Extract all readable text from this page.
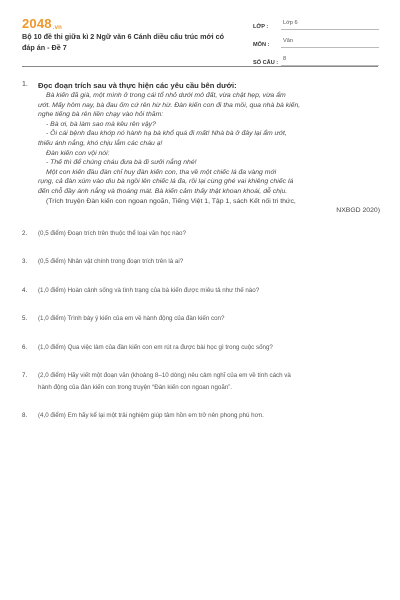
2048.vn
Bộ 10 đề thi giữa kì 2 Ngữ văn 6 Cánh diều cấu trúc mới có
đáp án - Đề 7
LỚP :
Lớp 6
MÔN :
Văn
SỐ CÂU :
8
1.	Đọc đoạn trích sau và thực hiện các yêu cầu bên dưới:
Bà kiến đã già, một mình ở trong cái tổ nhỏ dưới mô đất, vừa chật hẹp, vừa ẩm
ướt. Mấy hôm nay, bà đau ốm cứ rên hừ hừ. Đàn kiến con đi tha mồi, qua nhà bà kiến,
nghe tiếng bà rên liền chạy vào hỏi thăm:
- Bà ơi, bà làm sao mà kêu rên vậy?
- Ôi cái bệnh đau khớp nó hành hạ bà khổ quá đi mất! Nhà bà ở đây lại ẩm ướt,
thiếu ánh nắng, khó chịu lắm các cháu ạ!
Đàn kiến con vội nói:
- Thế thì để chúng cháu đưa bà đi sưởi nắng nhé!
Một con kiến đầu đàn chỉ huy đàn kiến con, tha về một chiếc lá đa vàng mới
rụng, cả đàn xúm vào dìu bà ngồi lên chiếc lá đa, rồi lại cùng ghé vai khiêng chiếc lá
đến chỗ đầy ánh nắng và thoáng mát. Bà kiến cảm thấy thật khoan khoái, dễ chịu.
(Trích truyện Đàn kiến con ngoan ngoãn, Tiếng Việt 1, Tập 1, sách Kết nối tri thức,
NXBGD 2020)
2.	(0,5 điểm) Đoạn trích trên thuộc thể loại văn học nào?
3.	(0,5 điểm) Nhân vật chính trong đoạn trích trên là ai?
4.	(1,0 điểm) Hoàn cảnh sống và tình trạng của bà kiến được miêu tả như thế nào?
5.	(1,0 điểm) Trình bày ý kiến của em về hành động của đàn kiến con?
6.	(1,0 điểm) Qua việc làm của đàn kiến con em rút ra được bài học gì trong cuộc sống?
7.	(2,0 điểm) Hãy viết một đoạn văn (khoảng 8–10 dòng) nêu cảm nghĩ của em về tính cách và
hành động của đàn kiến con trong truyện “Đàn kiến con ngoan ngoãn”.
8.	(4,0 điểm) Em hãy kể lại một trải nghiệm giúp tâm hồn em trở nên phong phú hơn.
